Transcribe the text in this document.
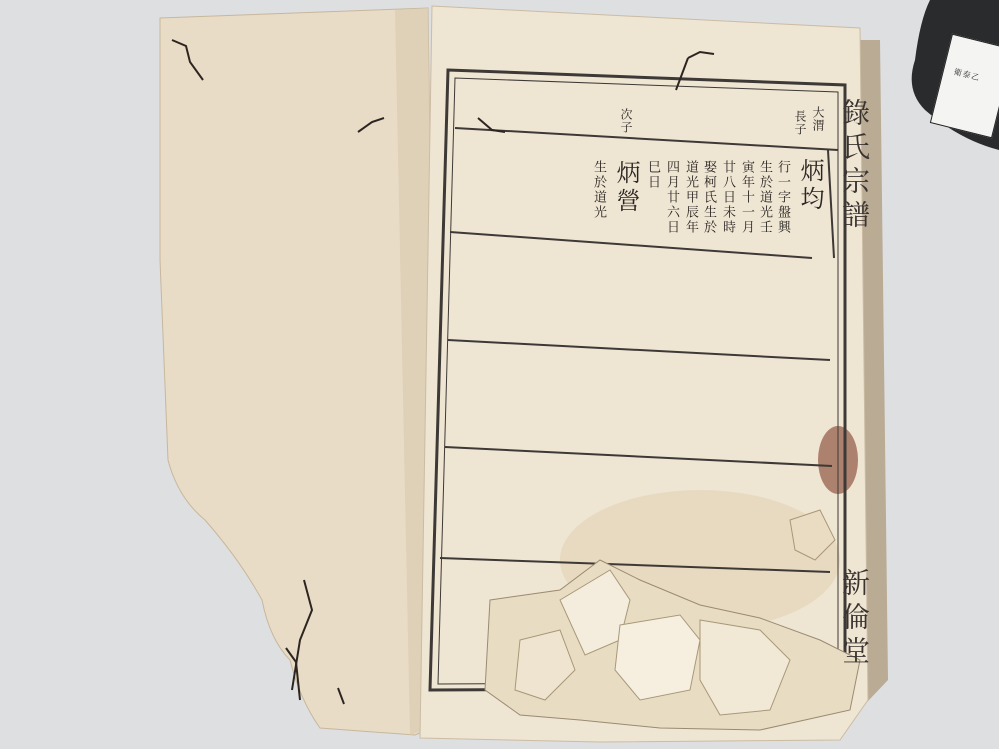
衛泰乙
錄氏宗譜
新倫堂
大渭
長子
炳均
行一字盤興
生於道光壬
寅年十一月
廿八日未時
娶柯氏生於
道光甲辰年
四月廿六日
巳日
次子
炳營
生於道光
